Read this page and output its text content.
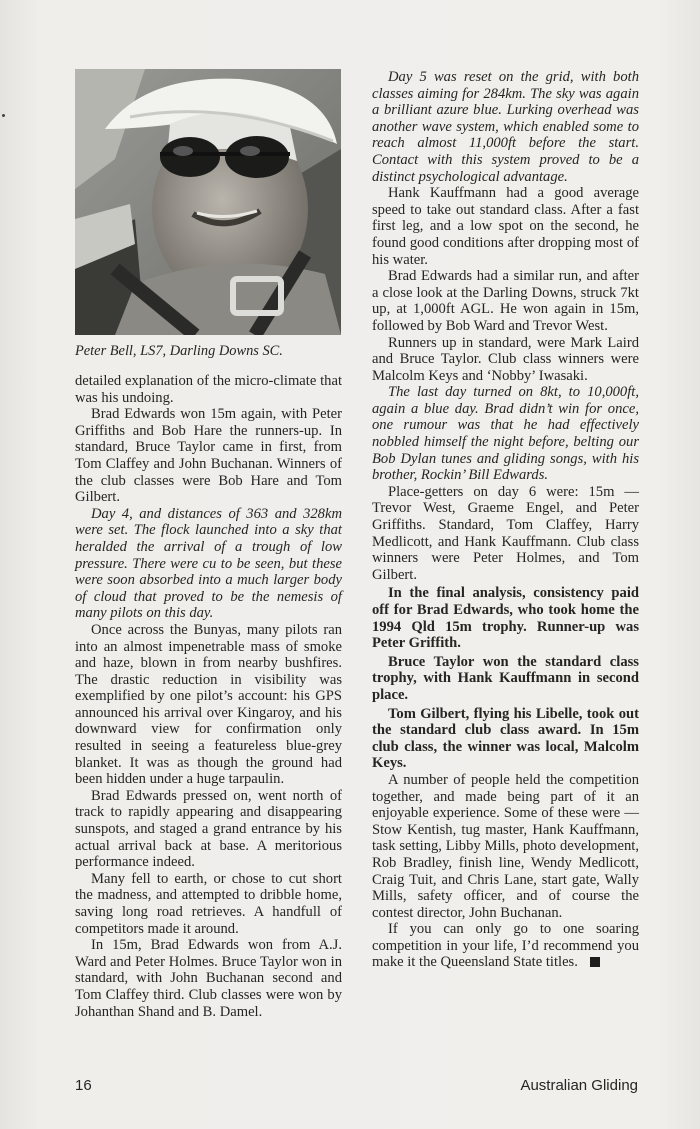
Peter Bell, LS7, Darling Downs SC.

detailed explanation of the micro-climate that was his undoing.

Brad Edwards won 15m again, with Peter Griffiths and Bob Hare the runners-up. In standard, Bruce Taylor came in first, from Tom Claffey and John Buchanan. Winners of the club classes were Bob Hare and Tom Gilbert.

Day 4, and distances of 363 and 328km were set. The flock launched into a sky that heralded the arrival of a trough of low pressure. There were cu to be seen, but these were soon absorbed into a much larger body of cloud that proved to be the nemesis of many pilots on this day.

Once across the Bunyas, many pilots ran into an almost impenetrable mass of smoke and haze, blown in from nearby bushfires. The drastic reduction in visibility was exemplified by one pilot’s account: his GPS announced his arrival over Kingaroy, and his downward view for confirmation only resulted in seeing a featureless blue-grey blanket. It was as though the ground had been hidden under a huge tarpaulin.

Brad Edwards pressed on, went north of track to rapidly appearing and disappearing sunspots, and staged a grand entrance by his actual arrival back at base. A meritorious performance indeed.

Many fell to earth, or chose to cut short the madness, and attempted to dribble home, saving long road retrieves. A handfull of competitors made it around.

In 15m, Brad Edwards won from A.J. Ward and Peter Holmes. Bruce Taylor won in standard, with John Buchanan second and Tom Claffey third. Club classes were won by Johanthan Shand and B. Damel.

Day 5 was reset on the grid, with both classes aiming for 284km. The sky was again a brilliant azure blue. Lurking overhead was another wave system, which enabled some to reach almost 11,000ft before the start. Contact with this system proved to be a distinct psychological advantage.

Hank Kauffmann had a good average speed to take out standard class. After a fast first leg, and a low spot on the second, he found good conditions after dropping most of his water.

Brad Edwards had a similar run, and after a close look at the Darling Downs, struck 7kt up, at 1,000ft AGL. He won again in 15m, followed by Bob Ward and Trevor West.

Runners up in standard, were Mark Laird and Bruce Taylor. Club class winners were Malcolm Keys and ‘Nobby’ Iwasaki.

The last day turned on 8kt, to 10,000ft, again a blue day. Brad didn’t win for once, one rumour was that he had effectively nobbled himself the night before, belting our Bob Dylan tunes and gliding songs, with his brother, Rockin’ Bill Edwards.

Place-getters on day 6 were: 15m — Trevor West, Graeme Engel, and Peter Griffiths. Standard, Tom Claffey, Harry Medlicott, and Hank Kauffmann. Club class winners were Peter Holmes, and Tom Gilbert.

In the final analysis, consistency paid off for Brad Edwards, who took home the 1994 Qld 15m trophy. Runner-up was Peter Griffith.

Bruce Taylor won the standard class trophy, with Hank Kauffmann in second place.

Tom Gilbert, flying his Libelle, took out the standard club class award. In 15m club class, the winner was local, Malcolm Keys.

A number of people held the competition together, and made being part of it an enjoyable experience. Some of these were —Stow Kentish, tug master, Hank Kauffmann, task setting, Libby Mills, photo development, Rob Bradley, finish line, Wendy Medlicott, Craig Tuit, and Chris Lane, start gate, Wally Mills, safety officer, and of course the contest director, John Buchanan.

If you can only go to one soaring competition in your life, I’d recommend you make it the Queensland State titles.

16	Australian Gliding
